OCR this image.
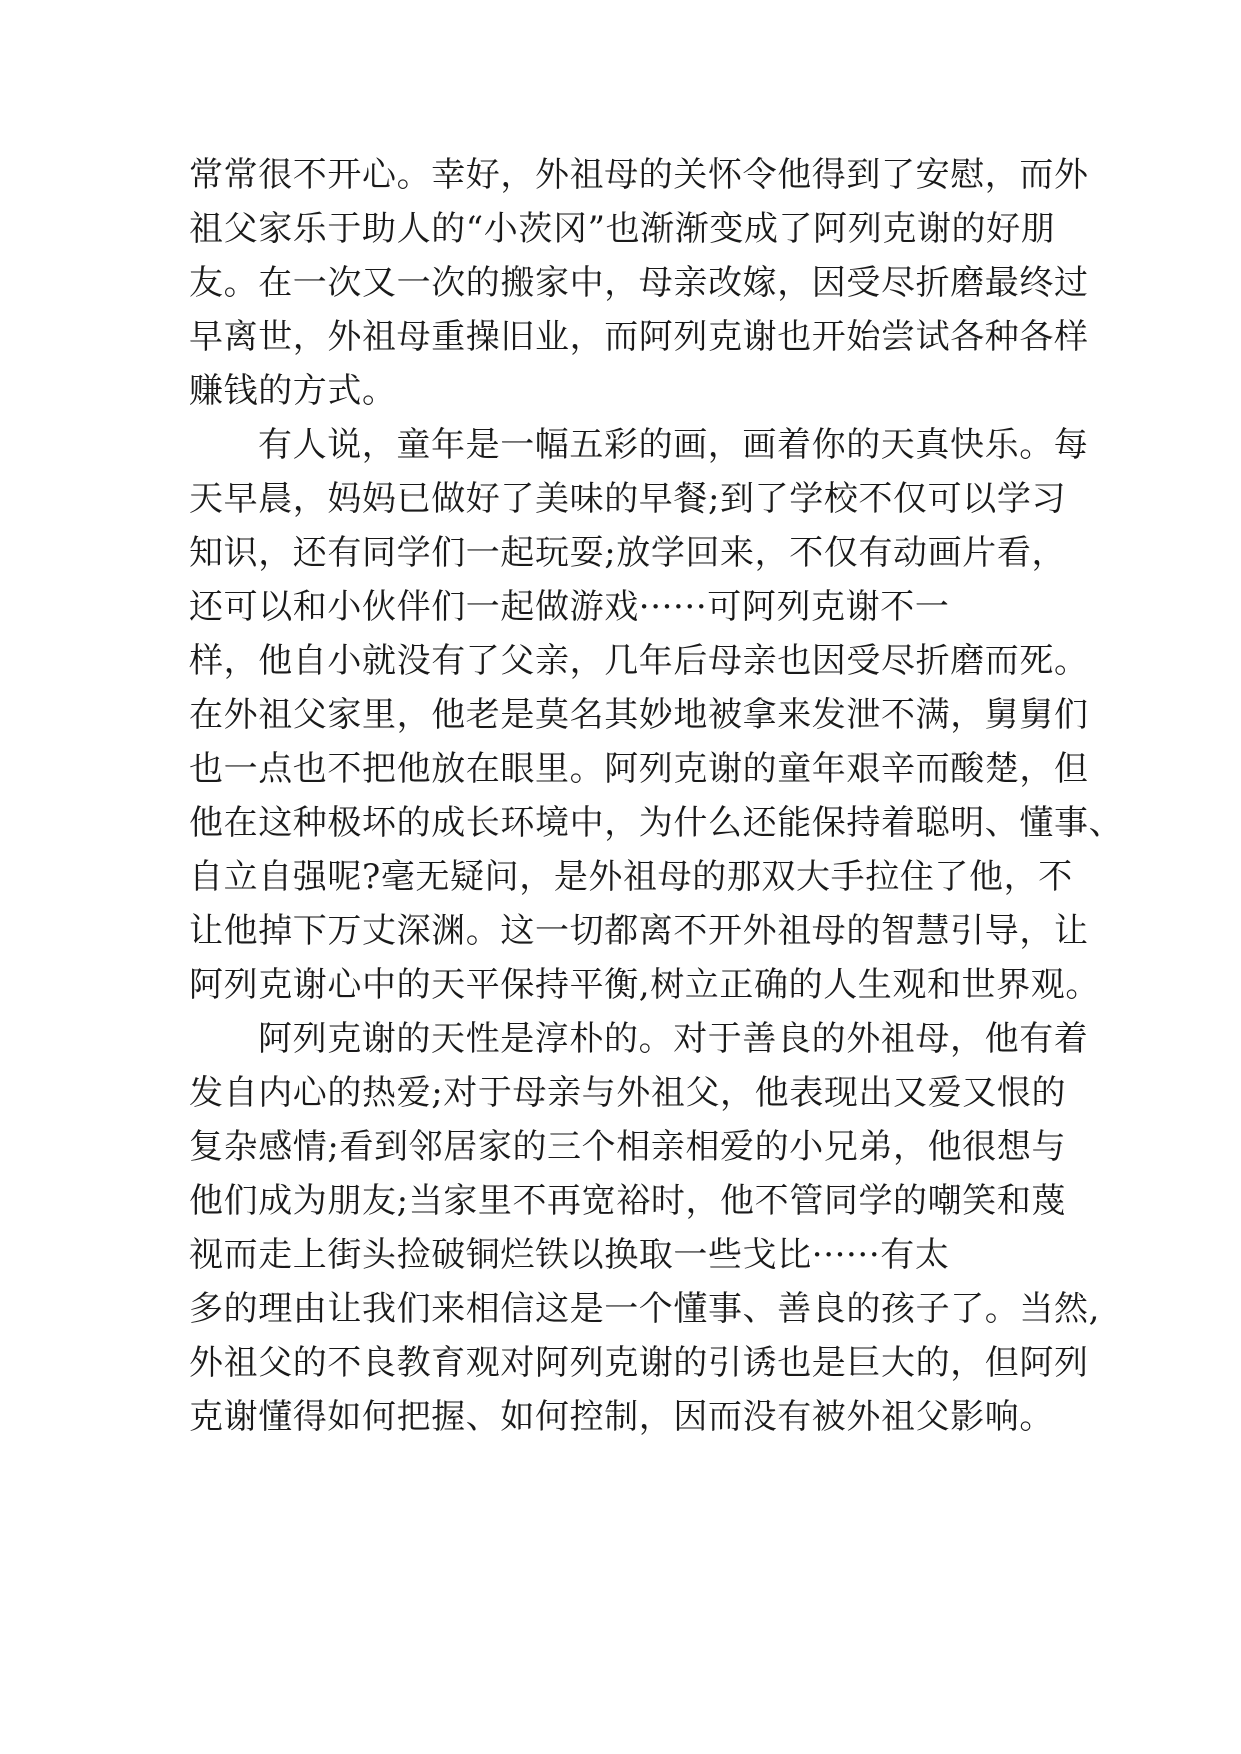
常常很不开心。幸好，外祖母的关怀令他得到了安慰，而外
祖父家乐于助人的“小茨冈”也渐渐变成了阿列克谢的好朋
友。在一次又一次的搬家中，母亲改嫁，因受尽折磨最终过
早离世，外祖母重操旧业，而阿列克谢也开始尝试各种各样
赚钱的方式。
有人说，童年是一幅五彩的画，画着你的天真快乐。每
天早晨，妈妈已做好了美味的早餐;到了学校不仅可以学习
知识，还有同学们一起玩耍;放学回来，不仅有动画片看，
还可以和小伙伴们一起做游戏······可阿列克谢不一
样，他自小就没有了父亲，几年后母亲也因受尽折磨而死。
在外祖父家里，他老是莫名其妙地被拿来发泄不满，舅舅们
也一点也不把他放在眼里。阿列克谢的童年艰辛而酸楚，但
他在这种极坏的成长环境中，为什么还能保持着聪明、懂事、
自立自强呢?毫无疑问，是外祖母的那双大手拉住了他，不
让他掉下万丈深渊。这一切都离不开外祖母的智慧引导，让
阿列克谢心中的天平保持平衡,树立正确的人生观和世界观。
阿列克谢的天性是淳朴的。对于善良的外祖母，他有着
发自内心的热爱;对于母亲与外祖父，他表现出又爱又恨的
复杂感情;看到邻居家的三个相亲相爱的小兄弟，他很想与
他们成为朋友;当家里不再宽裕时，他不管同学的嘲笑和蔑
视而走上街头捡破铜烂铁以换取一些戈比······有太
多的理由让我们来相信这是一个懂事、善良的孩子了。当然,
外祖父的不良教育观对阿列克谢的引诱也是巨大的，但阿列
克谢懂得如何把握、如何控制，因而没有被外祖父影响。
